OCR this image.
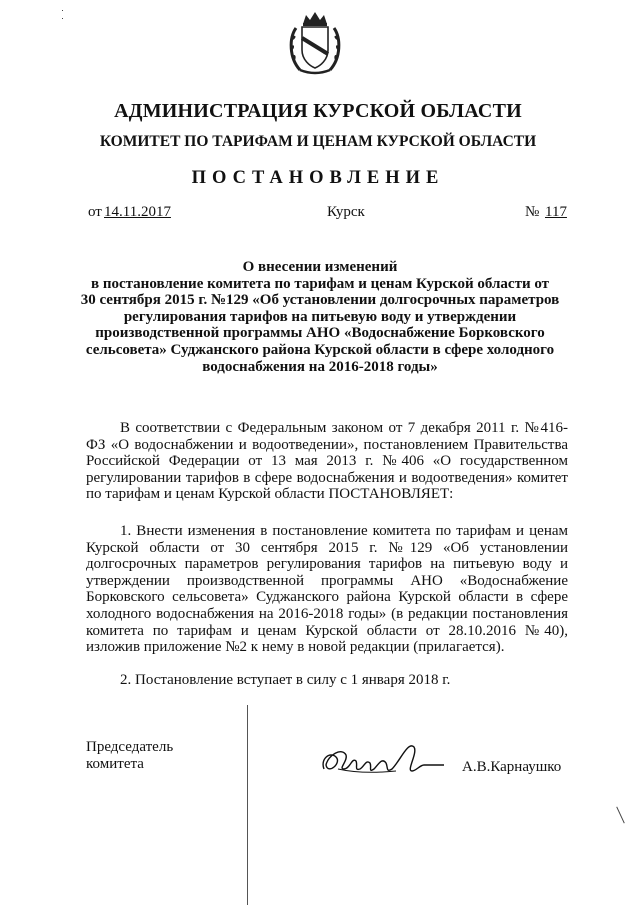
АДМИНИСТРАЦИЯ КУРСКОЙ ОБЛАСТИ
КОМИТЕТ ПО ТАРИФАМ И ЦЕНАМ КУРСКОЙ ОБЛАСТИ
ПОСТАНОВЛЕНИЕ
от 14.11.2017	Курск	№ 117
О внесении изменений
в постановление комитета по тарифам и ценам Курской области от
30 сентября 2015 г. №129 «Об установлении долгосрочных параметров
регулирования тарифов на питьевую воду и утверждении
производственной программы АНО «Водоснабжение Борковского
сельсовета» Суджанского района Курской области в сфере холодного
водоснабжения на 2016-2018 годы»
В соответствии с Федеральным законом от 7 декабря 2011 г. №416-ФЗ «О водоснабжении и водоотведении», постановлением Правительства Российской Федерации от 13 мая 2013 г. №406 «О государственном регулировании тарифов в сфере водоснабжения и водоотведения» комитет по тарифам и ценам Курской области ПОСТАНОВЛЯЕТ:
1. Внести изменения в постановление комитета по тарифам и ценам Курской области от 30 сентября 2015 г. №129 «Об установлении долгосрочных параметров регулирования тарифов на питьевую воду и утверждении производственной программы АНО «Водоснабжение Борковского сельсовета» Суджанского района Курской области в сфере холодного водоснабжения на 2016-2018 годы» (в редакции постановления комитета по тарифам и ценам Курской области от 28.10.2016 №40), изложив приложение №2 к нему в новой редакции (прилагается).
2. Постановление вступает в силу с 1 января 2018 г.
Председатель
комитета	А.В.Карнаушко
